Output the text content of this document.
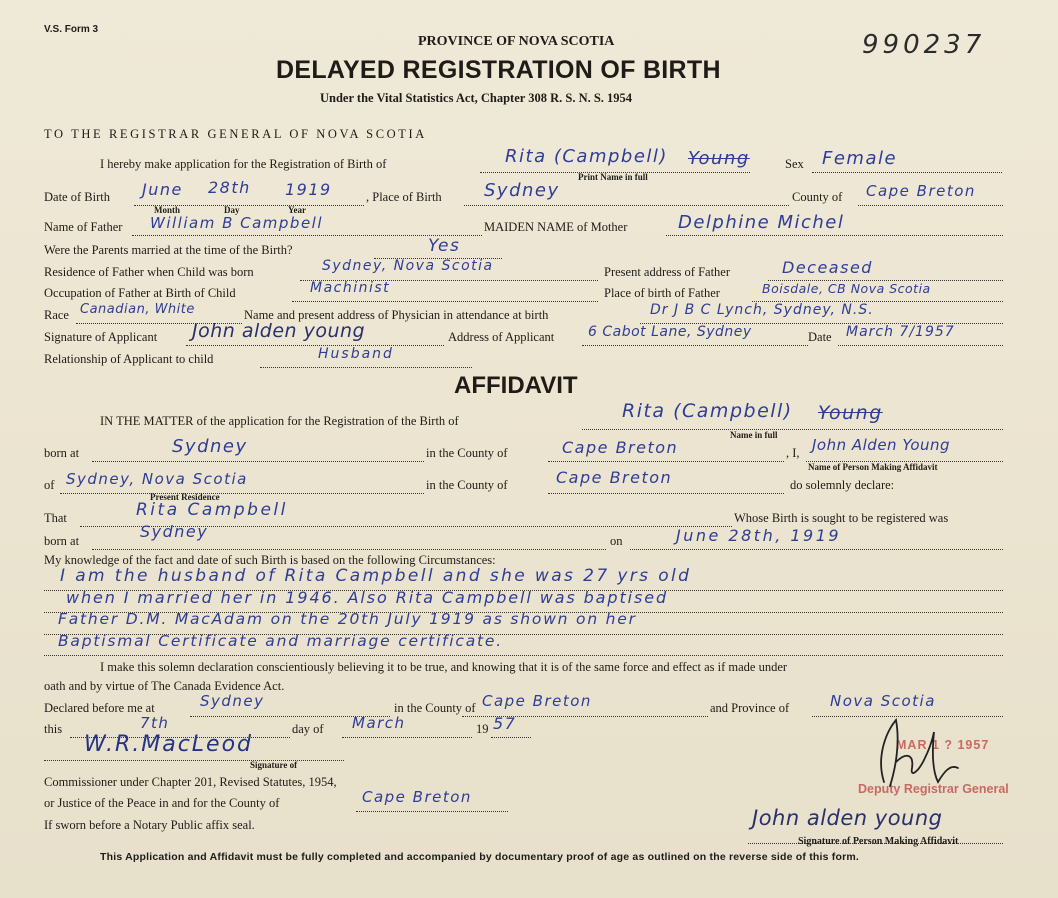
V.S. Form 3
990237
PROVINCE OF NOVA SCOTIA
DELAYED REGISTRATION OF BIRTH
Under the Vital Statistics Act, Chapter 308 R. S. N. S. 1954
TO THE REGISTRAR GENERAL OF NOVA SCOTIA
I hereby make application for the Registration of Birth of	Rita (Campbell) Young
Print Name in full
Sex Female
Date of Birth June 28th 1919
Month	Day	Year
, Place of Birth Sydney	County of Cape Breton
Name of Father William B Campbell	MAIDEN NAME of Mother	Delphine Michel
Were the Parents married at the time of the Birth?	Yes
Residence of Father when Child was born	Sydney, Nova Scotia	Present address of Father	Deceased
Occupation of Father at Birth of Child	Machinist	Place of birth of Father	Boisdale, CB Nova Scotia
Race Canadian, White	Name and present address of Physician in attendance at birth	Dr J B C Lynch, Sydney, N.S.
Signature of Applicant John alden young	Address of Applicant 6 Cabot Lane, Sydney	Date March 7/1957
Relationship of Applicant to child	Husband
AFFIDAVIT
IN THE MATTER of the application for the Registration of the Birth of	Rita (Campbell) Young
Name in full
born at	Sydney	in the County of	Cape Breton	, I, John Alden Young
Name of Person Making Affidavit
of Sydney, Nova Scotia
Present Residence
in the County of	Cape Breton	do solemnly declare:
That	Rita Campbell	Whose Birth is sought to be registered was
born at	Sydney	on	June 28th, 1919
My knowledge of the fact and date of such Birth is based on the following Circumstances:
I am the husband of Rita Campbell and she was 27 yrs old
when I married her in 1946. Also Rita Campbell was baptised
Father D.M. MacAdam on the 20th July 1919 as shown on her
Baptismal Certificate and marriage certificate.
I make this solemn declaration conscientiously believing it to be true, and knowing that it is of the same force and effect as if made under
oath and by virtue of The Canada Evidence Act.
Declared before me at	Sydney	in the County of Cape Breton	and Province of	Nova Scotia
this	7th	day of March	19 57
W.R.MacLeod
Signature of
Commissioner under Chapter 201, Revised Statutes, 1954,
or Justice of the Peace in and for the County of	Cape Breton
If sworn before a Notary Public affix seal.
MAR 1 ? 1957
Deputy Registrar General
John alden young
Signature of Person Making Affidavit
This Application and Affidavit must be fully completed and accompanied by documentary proof of age as outlined on the reverse side of this form.
